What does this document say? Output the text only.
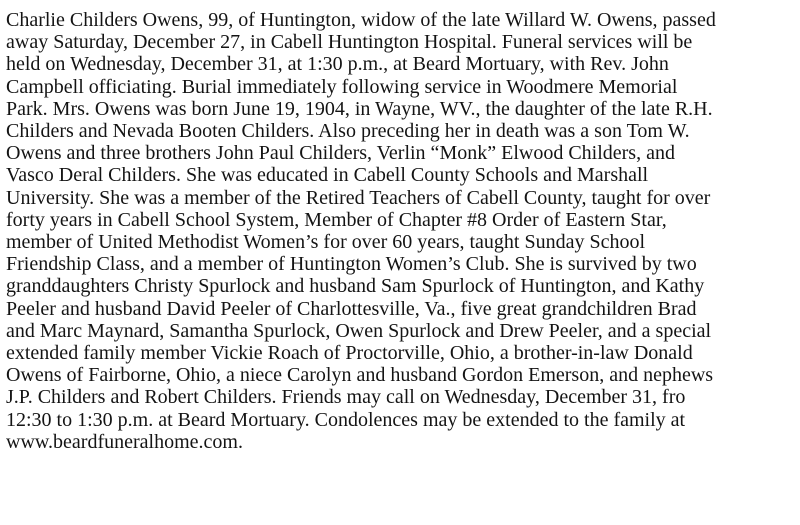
Charlie Childers Owens, 99, of Huntington, widow of the late Willard W. Owens, passed
away Saturday, December 27, in Cabell Huntington Hospital. Funeral services will be
held on Wednesday, December 31, at 1:30 p.m., at Beard Mortuary, with Rev. John
Campbell officiating. Burial immediately following service in Woodmere Memorial
Park. Mrs. Owens was born June 19, 1904, in Wayne, WV., the daughter of the late R.H.
Childers and Nevada Booten Childers. Also preceding her in death was a son Tom W.
Owens and three brothers John Paul Childers, Verlin “Monk” Elwood Childers, and
Vasco Deral Childers. She was educated in Cabell County Schools and Marshall
University. She was a member of the Retired Teachers of Cabell County, taught for over
forty years in Cabell School System, Member of Chapter #8 Order of Eastern Star,
member of United Methodist Women’s for over 60 years, taught Sunday School
Friendship Class, and a member of Huntington Women’s Club. She is survived by two
granddaughters Christy Spurlock and husband Sam Spurlock of Huntington, and Kathy
Peeler and husband David Peeler of Charlottesville, Va., five great grandchildren Brad
and Marc Maynard, Samantha Spurlock, Owen Spurlock and Drew Peeler, and a special
extended family member Vickie Roach of Proctorville, Ohio, a brother-in-law Donald
Owens of Fairborne, Ohio, a niece Carolyn and husband Gordon Emerson, and nephews
J.P. Childers and Robert Childers. Friends may call on Wednesday, December 31, fro
12:30 to 1:30 p.m. at Beard Mortuary. Condolences may be extended to the family at
www.beardfuneralhome.com.
